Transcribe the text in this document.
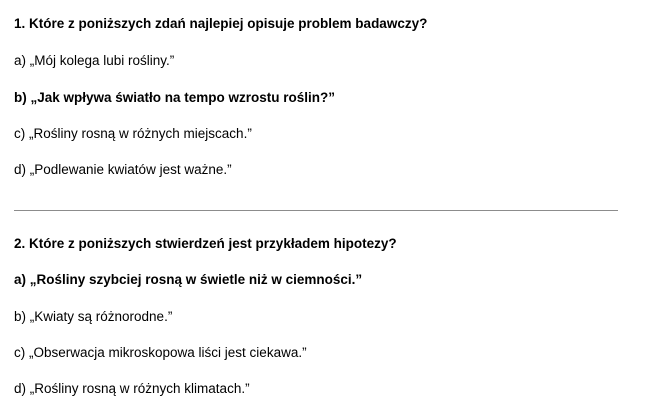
1. Które z poniższych zdań najlepiej opisuje problem badawczy?
a) „Mój kolega lubi rośliny.”
b) „Jak wpływa światło na tempo wzrostu roślin?”
c) „Rośliny rosną w różnych miejscach.”
d) „Podlewanie kwiatów jest ważne.”
2. Które z poniższych stwierdzeń jest przykładem hipotezy?
a) „Rośliny szybciej rosną w świetle niż w ciemności.”
b) „Kwiaty są różnorodne.”
c) „Obserwacja mikroskopowa liści jest ciekawa.”
d) „Rośliny rosną w różnych klimatach.”
